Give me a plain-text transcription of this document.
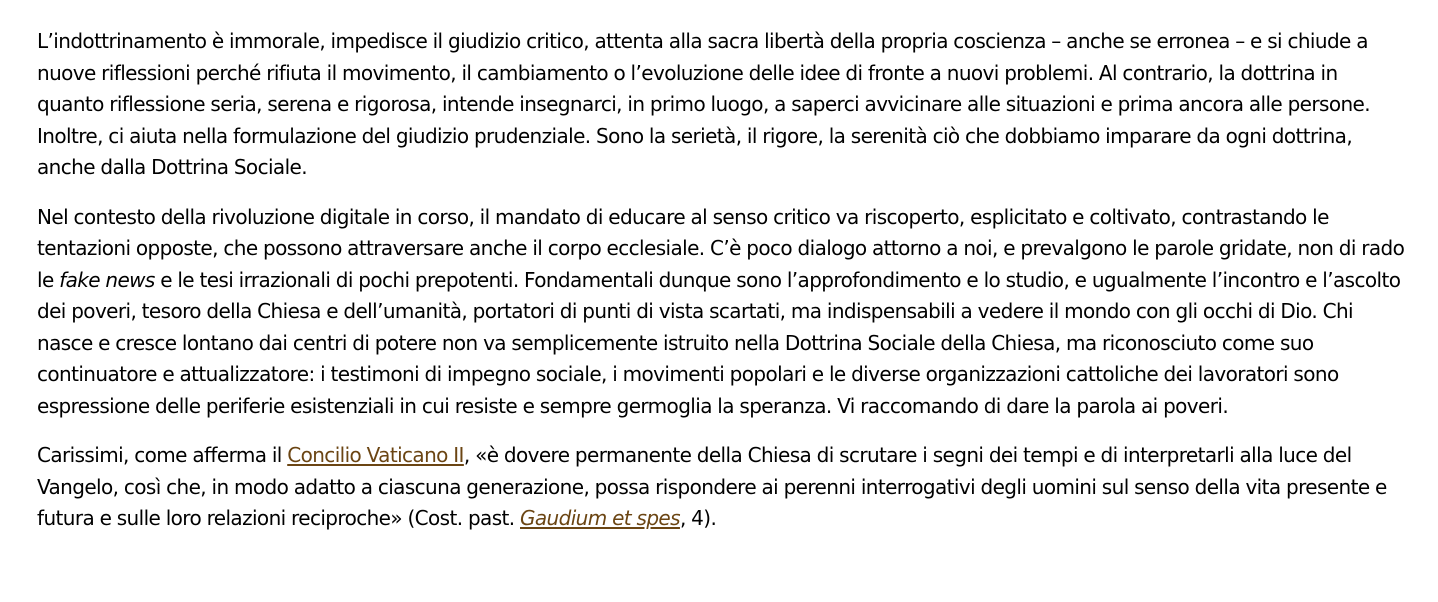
L’indottrinamento è immorale, impedisce il giudizio critico, attenta alla sacra libertà della propria coscienza – anche se erronea – e si chiude a nuove riflessioni perché rifiuta il movimento, il cambiamento o l’evoluzione delle idee di fronte a nuovi problemi. Al contrario, la dottrina in quanto riflessione seria, serena e rigorosa, intende insegnarci, in primo luogo, a saperci avvicinare alle situazioni e prima ancora alle persone. Inoltre, ci aiuta nella formulazione del giudizio prudenziale. Sono la serietà, il rigore, la serenità ciò che dobbiamo imparare da ogni dottrina, anche dalla Dottrina Sociale.

Nel contesto della rivoluzione digitale in corso, il mandato di educare al senso critico va riscoperto, esplicitato e coltivato, contrastando le tentazioni opposte, che possono attraversare anche il corpo ecclesiale. C’è poco dialogo attorno a noi, e prevalgono le parole gridate, non di rado le fake news e le tesi irrazionali di pochi prepotenti. Fondamentali dunque sono l’approfondimento e lo studio, e ugualmente l’incontro e l’ascolto dei poveri, tesoro della Chiesa e dell’umanità, portatori di punti di vista scartati, ma indispensabili a vedere il mondo con gli occhi di Dio. Chi nasce e cresce lontano dai centri di potere non va semplicemente istruito nella Dottrina Sociale della Chiesa, ma riconosciuto come suo continuatore e attualizzatore: i testimoni di impegno sociale, i movimenti popolari e le diverse organizzazioni cattoliche dei lavoratori sono espressione delle periferie esistenziali in cui resiste e sempre germoglia la speranza. Vi raccomando di dare la parola ai poveri.

Carissimi, come afferma il Concilio Vaticano II, «è dovere permanente della Chiesa di scrutare i segni dei tempi e di interpretarli alla luce del Vangelo, così che, in modo adatto a ciascuna generazione, possa rispondere ai perenni interrogativi degli uomini sul senso della vita presente e futura e sulle loro relazioni reciproche» (Cost. past. Gaudium et spes, 4).
